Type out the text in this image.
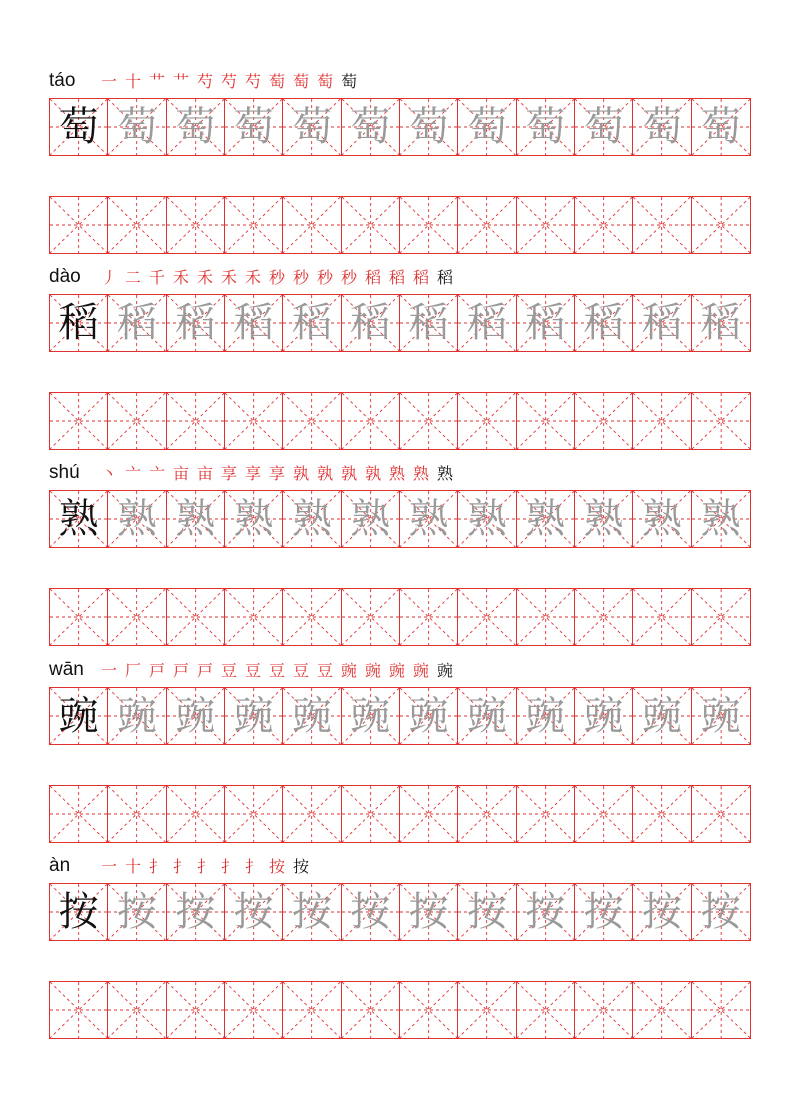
táo	一 十 艹 艹 芍 芍 芍 萄 萄 萄 萄
萄 萄 萄 萄 萄 萄 萄 萄 萄 萄 萄 萄
dào 丿 二 千 禾 禾 禾 禾 秒 秒 秒 秒 稻 稻 稻 稻
稻 稻 稻 稻 稻 稻 稻 稻 稻 稻 稻 稻
shú	丶 亠 亠 亩 亩 享 享 享 孰 孰 孰 孰 熟 熟 熟
熟 熟 熟 熟 熟 熟 熟 熟 熟 熟 熟 熟
wān 一 厂 戸 戸 戸 豆 豆 豆 豆 豆 豌 豌 豌 豌 豌
豌 豌 豌 豌 豌 豌 豌 豌 豌 豌 豌 豌
àn	一 十 扌 扌 扌 扌 扌 按 按
按 按 按 按 按 按 按 按 按 按 按 按
